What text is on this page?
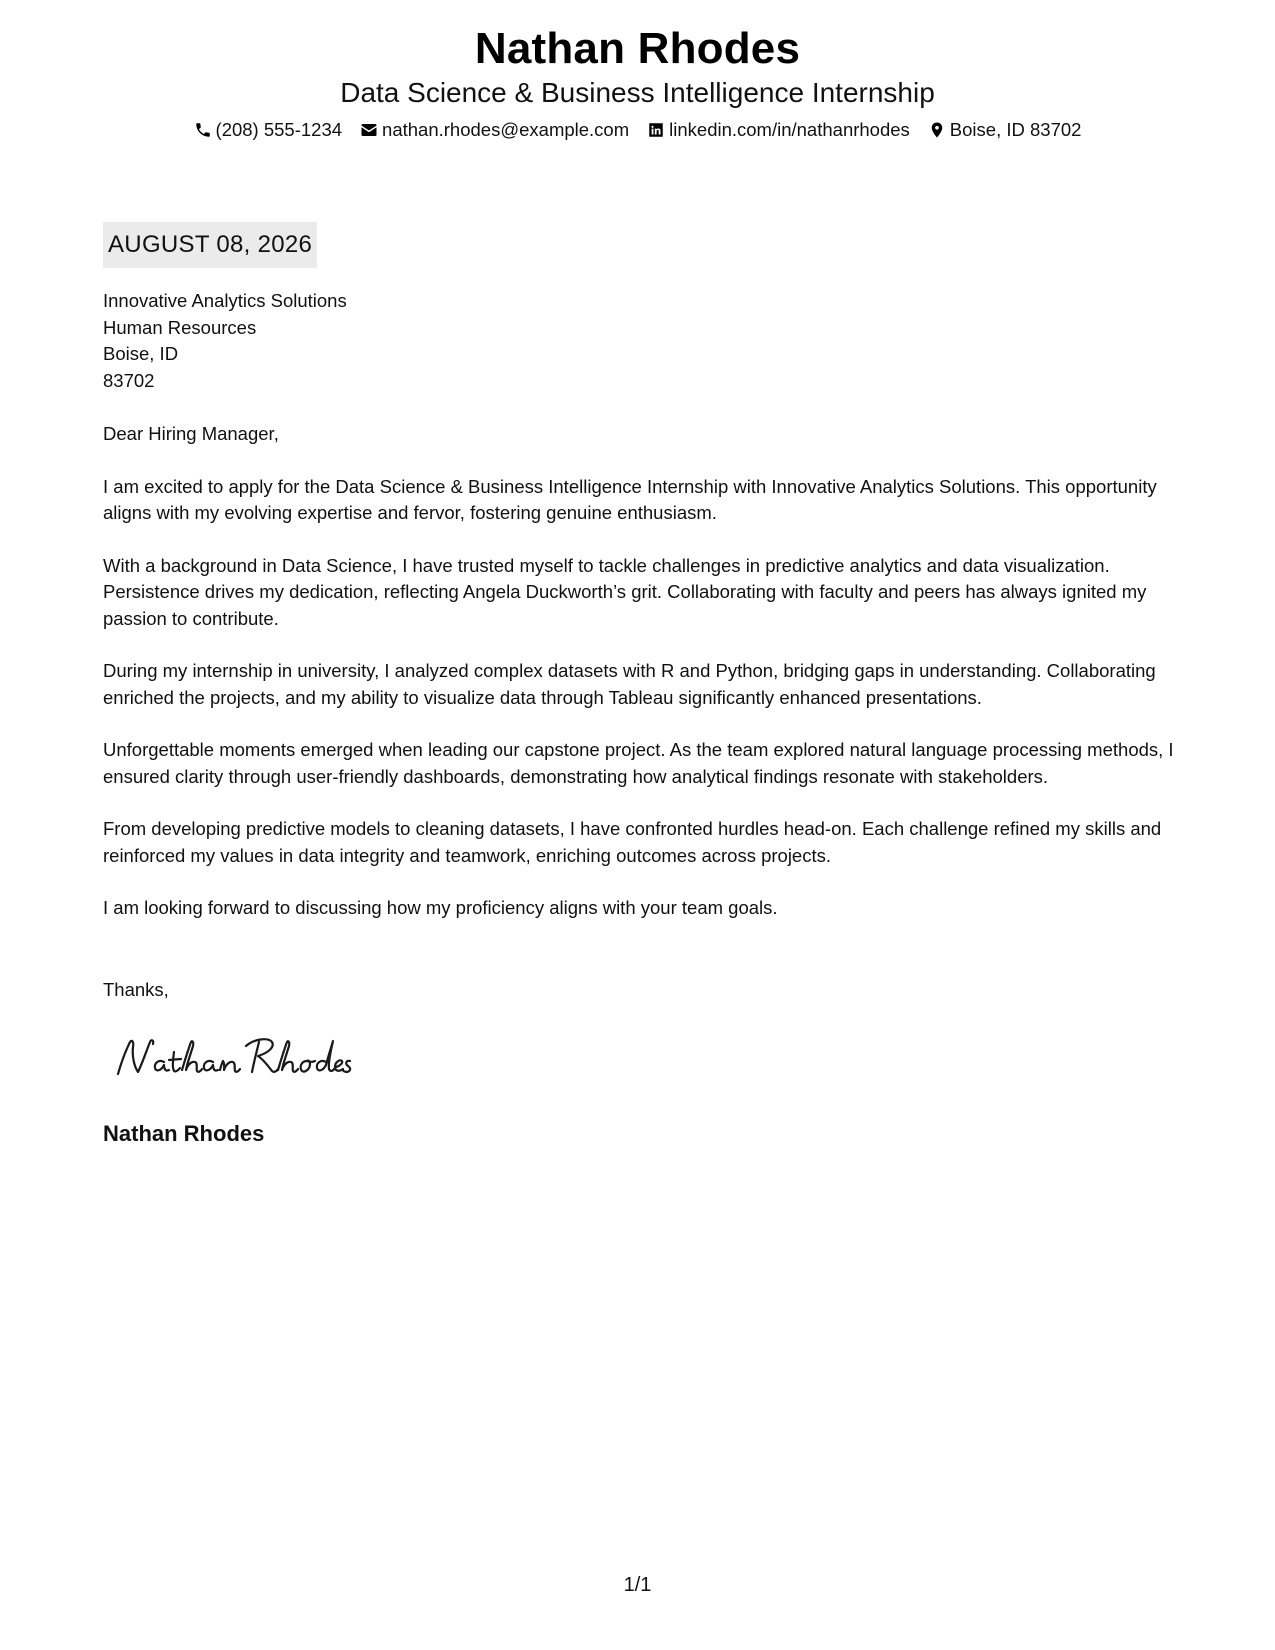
Nathan Rhodes
Data Science & Business Intelligence Internship
(208) 555-1234 nathan.rhodes@example.com linkedin.com/in/nathanrhodes Boise, ID 83702
AUGUST 08, 2026
Innovative Analytics Solutions
Human Resources
Boise, ID
83702

Dear Hiring Manager,

I am excited to apply for the Data Science & Business Intelligence Internship with Innovative Analytics Solutions. This opportunity aligns with my evolving expertise and fervor, fostering genuine enthusiasm.

With a background in Data Science, I have trusted myself to tackle challenges in predictive analytics and data visualization. Persistence drives my dedication, reflecting Angela Duckworth’s grit. Collaborating with faculty and peers has always ignited my passion to contribute.

During my internship in university, I analyzed complex datasets with R and Python, bridging gaps in understanding. Collaborating enriched the projects, and my ability to visualize data through Tableau significantly enhanced presentations.

Unforgettable moments emerged when leading our capstone project. As the team explored natural language processing methods, I ensured clarity through user-friendly dashboards, demonstrating how analytical findings resonate with stakeholders.

From developing predictive models to cleaning datasets, I have confronted hurdles head-on. Each challenge refined my skills and reinforced my values in data integrity and teamwork, enriching outcomes across projects.

I am looking forward to discussing how my proficiency aligns with your team goals.

Thanks,
Nathan Rhodes
1/1
